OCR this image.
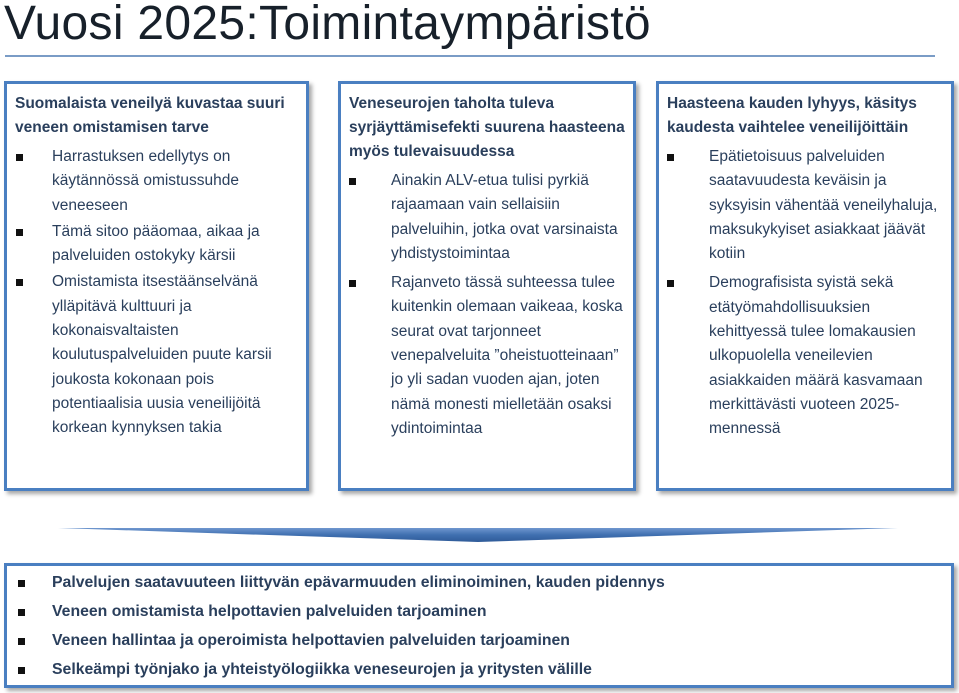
Vuosi 2025:Toimintaympäristö
Suomalaista veneilyä kuvastaa suuri veneen omistamisen tarve
Harrastuksen edellytys on käytännössä omistussuhde veneeseen
Tämä sitoo pääomaa, aikaa ja palveluiden ostokyky kärsii
Omistamista itsestäänselvänä ylläpitävä kulttuuri ja kokonaisvaltaisten koulutuspalveluiden puute karsii joukosta kokonaan pois potentiaalisia uusia veneilijöitä korkean kynnyksen takia
Veneseurojen taholta tuleva syrjäyttämisefekti suurena haasteena myös tulevaisuudessa
Ainakin ALV-etua tulisi pyrkiä rajaamaan vain sellaisiin palveluihin, jotka ovat varsinaista yhdistystoimintaa
Rajanveto tässä suhteessa tulee kuitenkin olemaan vaikeaa, koska seurat ovat tarjonneet venepalveluita ”oheistuotteinaan” jo yli sadan vuoden ajan, joten nämä monesti mielletään osaksi ydintoimintaa
Haasteena kauden lyhyys, käsitys kaudesta vaihtelee veneilijöittäin
Epätietoisuus palveluiden saatavuudesta keväisin ja syksyisin vähentää veneilyhaluja, maksukykyiset asiakkaat jäävät kotiin
Demografisista syistä sekä etätyömahdollisuuksien kehittyessä tulee lomakausien ulkopuolella veneilevien asiakkaiden määrä kasvamaan merkittävästi vuoteen 2025-mennessä
Palvelujen saatavuuteen liittyvän epävarmuuden eliminoiminen, kauden pidennys
Veneen omistamista helpottavien palveluiden tarjoaminen
Veneen hallintaa ja operoimista helpottavien palveluiden tarjoaminen
Selkeämpi työnjako ja yhteistyölogiikka veneseurojen ja yritysten välille
